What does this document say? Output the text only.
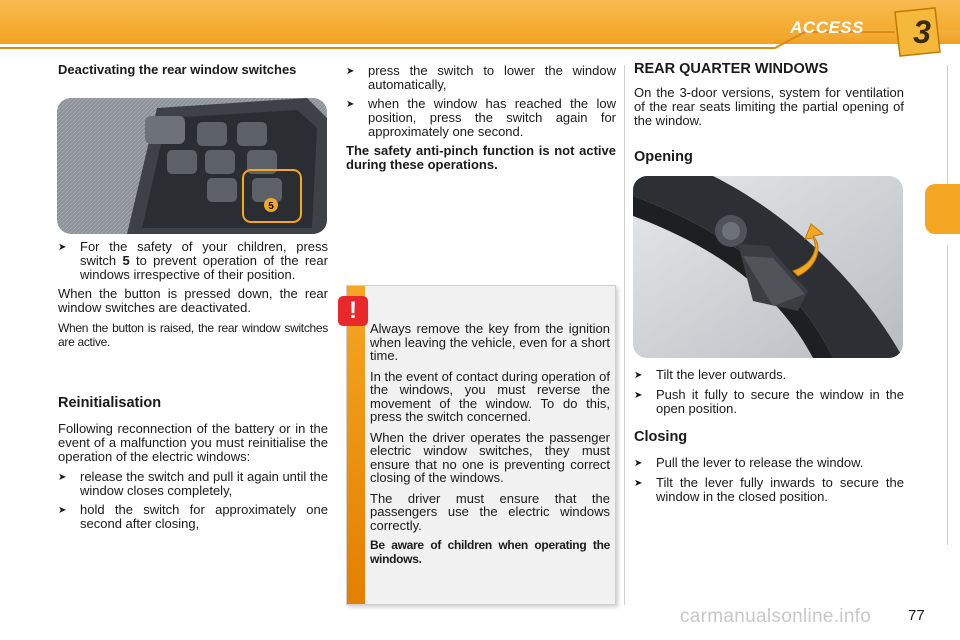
ACCESS 3
Deactivating the rear window switches
5
➤	For the safety of your children, press switch 5 to prevent operation of the rear windows irrespective of their position.

When the button is pressed down, the rear window switches are deactivated.

When the button is raised, the rear window switches are active.

Reinitialisation

Following reconnection of the battery or in the event of a malfunction you must reinitialise the operation of the electric windows:

➤	release the switch and pull it again until the window closes completely,
➤	hold the switch for approximately one second after closing,
➤	press the switch to lower the window automatically,
➤	when the window has reached the low position, press the switch again for approximately one second.

The safety anti-pinch function is not active during these operations.

!

Always remove the key from the ignition when leaving the vehicle, even for a short time.

In the event of contact during operation of the windows, you must reverse the movement of the window. To do this, press the switch concerned.

When the driver operates the passenger electric window switches, they must ensure that no one is preventing correct closing of the windows.

The driver must ensure that the passengers use the electric windows correctly.

Be aware of children when operating the windows.

REAR QUARTER WINDOWS

On the 3-door versions, system for ventilation of the rear seats limiting the partial opening of the window.

Opening
➤	Tilt the lever outwards.
➤	Push it fully to secure the window in the open position.
Closing
➤	Pull the lever to release the window.
➤	Tilt the lever fully inwards to secure the window in the closed position.
carmanualsonline.info 77
